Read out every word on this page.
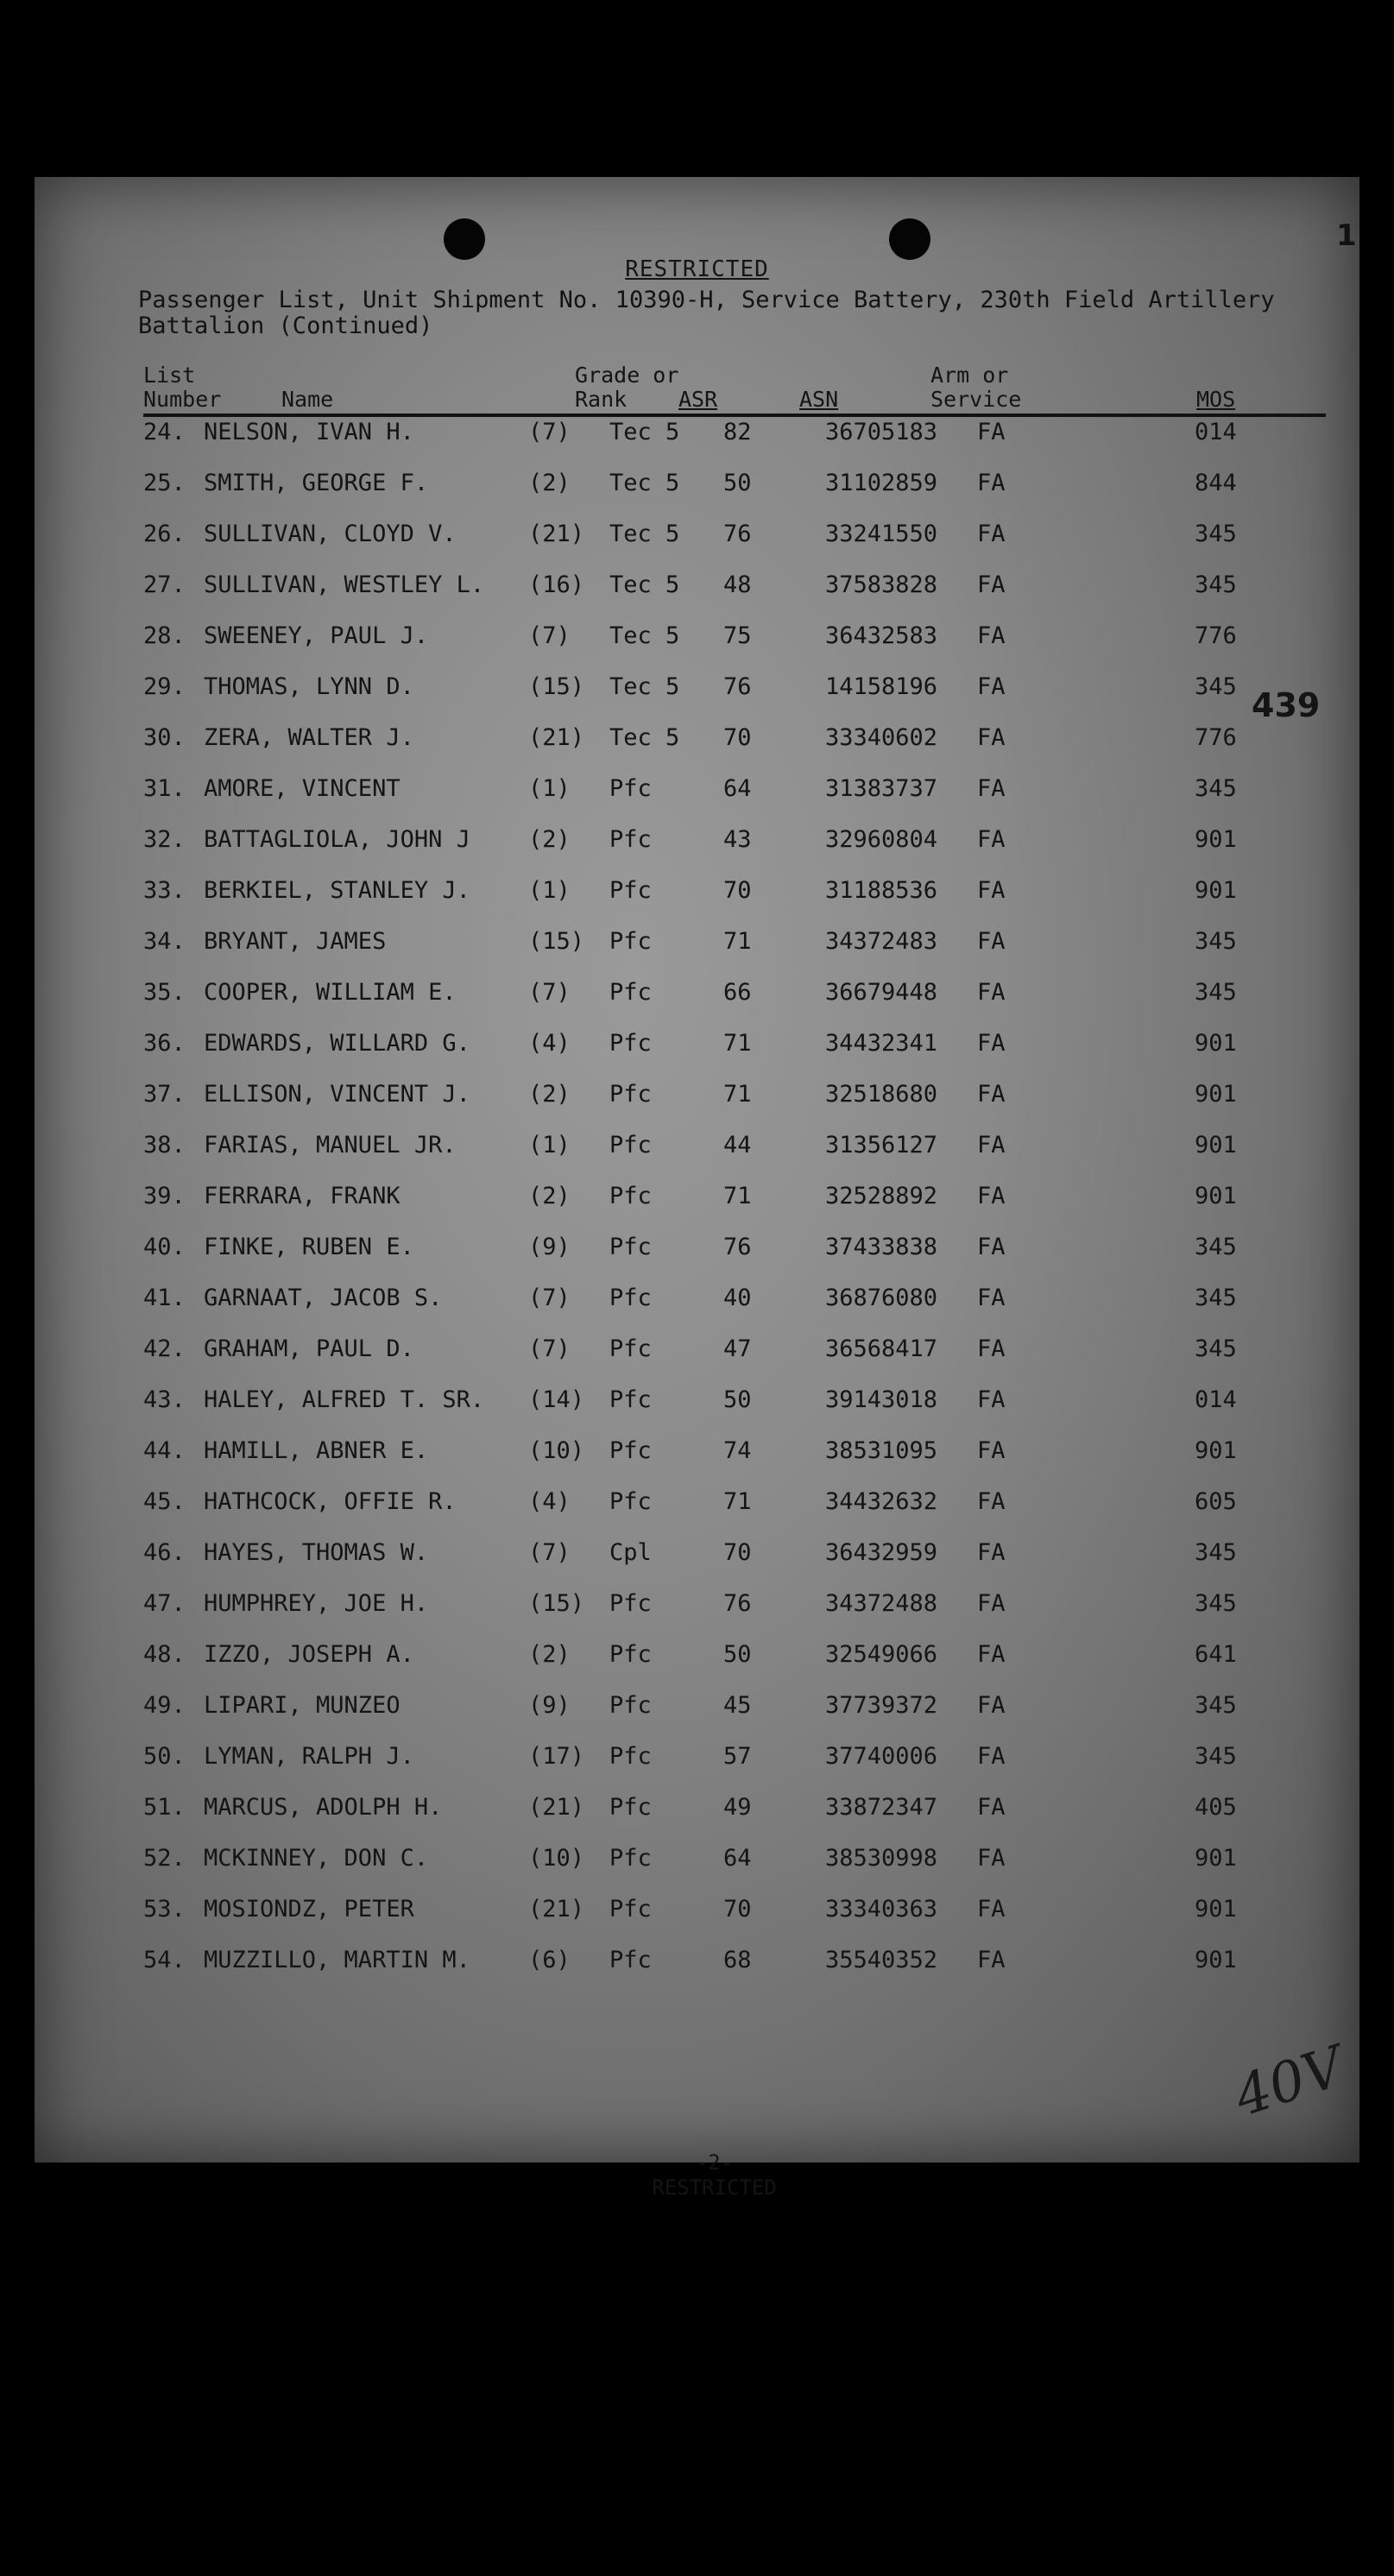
1
RESTRICTED
Passenger List, Unit Shipment No. 10390-H, Service Battery, 230th Field Artillery
Battalion (Continued)
List
Number	Name
Grade or
Rank	ASR	ASN
Arm or
Service	MOS
24. NELSON, IVAN H.	(7) Tec 5 82	36705183 FA	014
25. SMITH, GEORGE F.	(2) Tec 5 50	31102859 FA	844
26. SULLIVAN, CLOYD V.	(21) Tec 5 76	33241550 FA	345
27. SULLIVAN, WESTLEY L. (16) Tec 5 48	37583828 FA	345
28. SWEENEY, PAUL J.	(7) Tec 5 75	36432583 FA	776
29. THOMAS, LYNN D.	(15) Tec 5 76	14158196 FA	345
30. ZERA, WALTER J.	(21) Tec 5 70	33340602 FA	776
31. AMORE, VINCENT	(1) Pfc	64	31383737 FA	345
32. BATTAGLIOLA, JOHN J (2) Pfc	43	32960804 FA	901
33. BERKIEL, STANLEY J. (1) Pfc	70	31188536 FA	901
34. BRYANT, JAMES	(15) Pfc	71	34372483 FA	345
35. COOPER, WILLIAM E.	(7) Pfc	66	36679448 FA	345
36. EDWARDS, WILLARD G. (4) Pfc	71	34432341 FA	901
37. ELLISON, VINCENT J. (2) Pfc	71	32518680 FA	901
38. FARIAS, MANUEL JR.	(1) Pfc	44	31356127 FA	901
39. FERRARA, FRANK	(2) Pfc	71	32528892 FA	901
40. FINKE, RUBEN E.	(9) Pfc	76	37433838 FA	345
41. GARNAAT, JACOB S.	(7) Pfc	40	36876080 FA	345
42. GRAHAM, PAUL D.	(7) Pfc	47	36568417 FA	345
43. HALEY, ALFRED T. SR. (14) Pfc	50	39143018 FA	014
44. HAMILL, ABNER E.	(10) Pfc	74	38531095 FA	901
45. HATHCOCK, OFFIE R.	(4) Pfc	71	34432632 FA	605
46. HAYES, THOMAS W.	(7) Cpl	70	36432959 FA	345
47. HUMPHREY, JOE H.	(15) Pfc	76	34372488 FA	345
48. IZZO, JOSEPH A.	(2) Pfc	50	32549066 FA	641
49. LIPARI, MUNZEO	(9) Pfc	45	37739372 FA	345
50. LYMAN, RALPH J.	(17) Pfc	57	37740006 FA	345
51. MARCUS, ADOLPH H.	(21) Pfc	49	33872347 FA	405
52. MCKINNEY, DON C.	(10) Pfc	64	38530998 FA	901
53. MOSIONDZ, PETER	(21) Pfc	70	33340363 FA	901
54. MUZZILLO, MARTIN M. (6) Pfc	68	35540352 FA	901
439
40V
-2-
RESTRICTED
